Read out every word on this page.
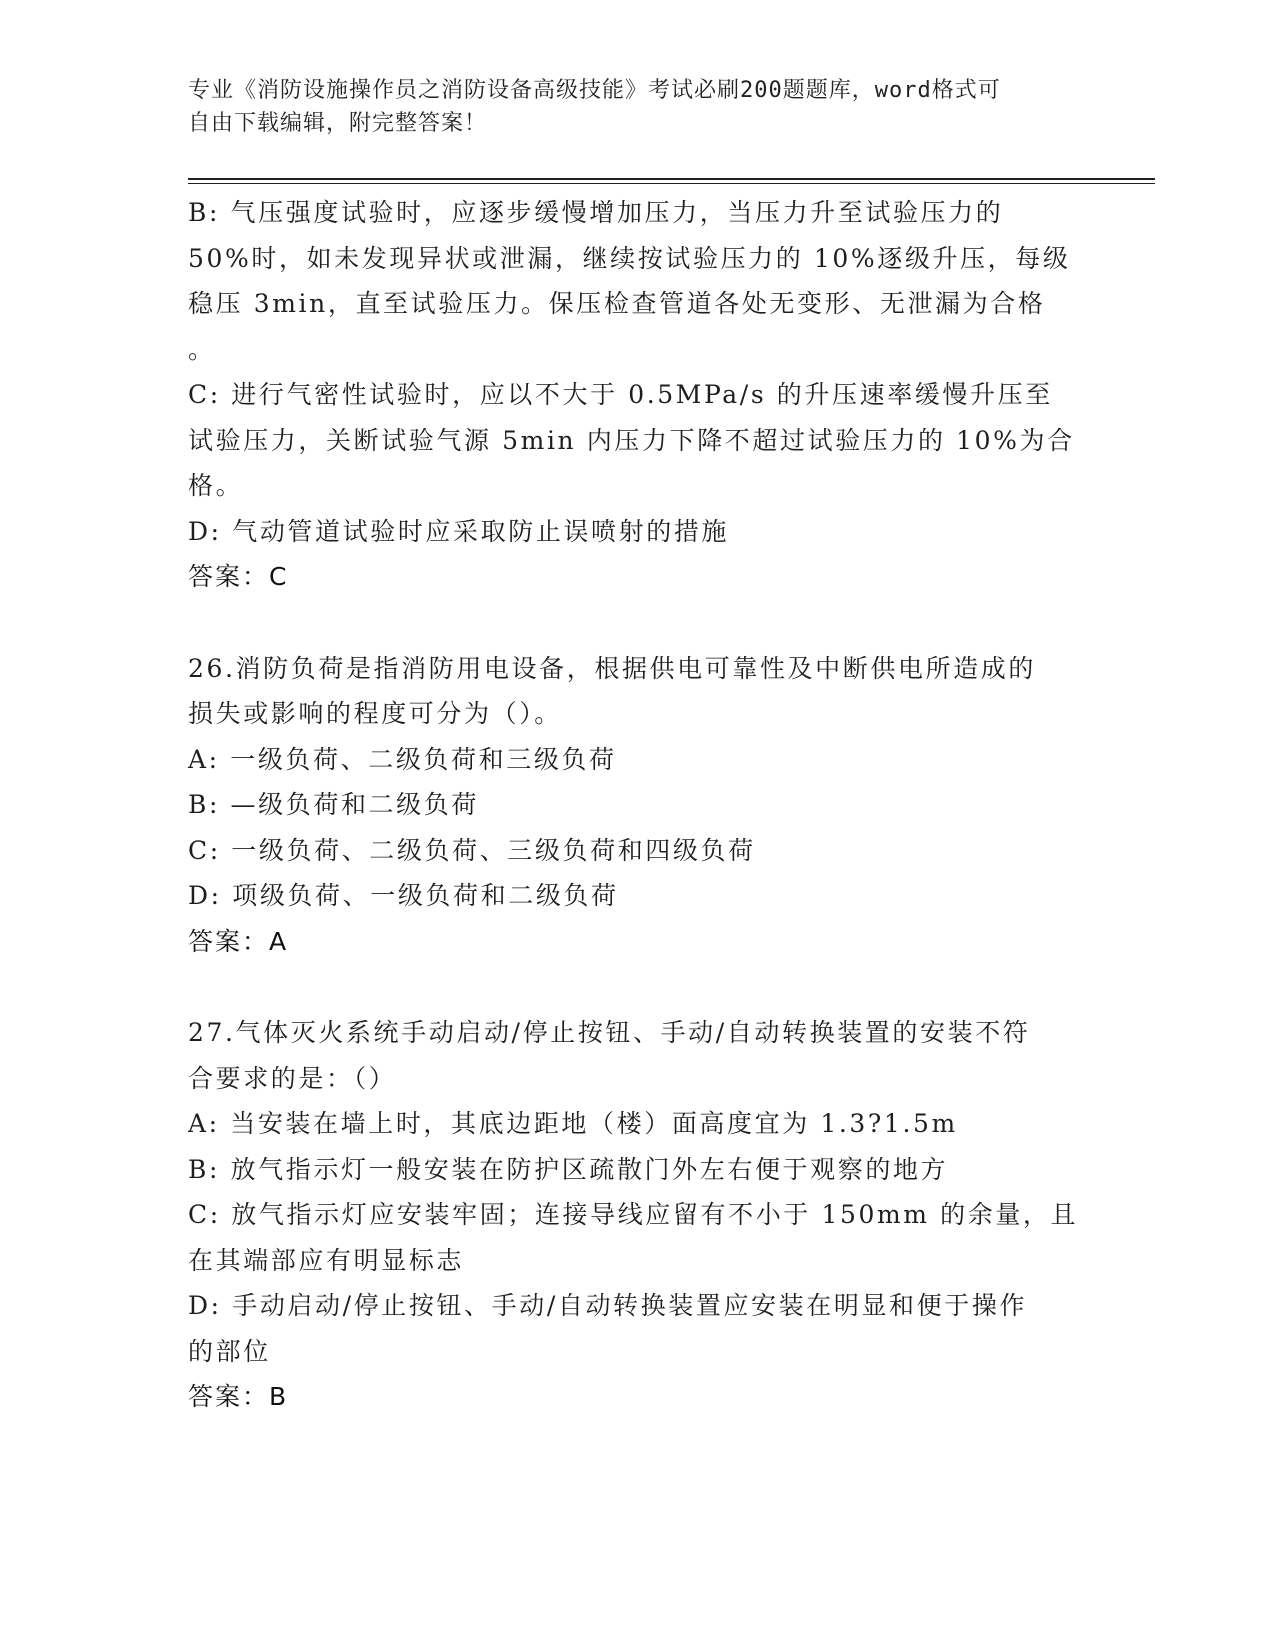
专业《消防设施操作员之消防设备高级技能》考试必刷200题题库，word格式可
自由下载编辑，附完整答案！
B: 气压强度试验时，应逐步缓慢增加压力，当压力升至试验压力的
50%时，如未发现异状或泄漏，继续按试验压力的 10%逐级升压，每级
稳压 3min，直至试验压力。保压检查管道各处无变形、无泄漏为合格
。
C: 进行气密性试验时，应以不大于 0.5MPa/s 的升压速率缓慢升压至
试验压力，关断试验气源 5min 内压力下降不超过试验压力的 10%为合
格。
D: 气动管道试验时应采取防止误喷射的措施
答案：C
26.消防负荷是指消防用电设备，根据供电可靠性及中断供电所造成的
损失或影响的程度可分为（）。
A: 一级负荷、二级负荷和三级负荷
B: —级负荷和二级负荷
C: 一级负荷、二级负荷、三级负荷和四级负荷
D: 项级负荷、一级负荷和二级负荷
答案：A
27.气体灭火系统手动启动/停止按钮、手动/自动转换装置的安装不符
合要求的是：（）
A: 当安装在墙上时，其底边距地（楼）面高度宜为 1.3?1.5m
B: 放气指示灯一般安装在防护区疏散门外左右便于观察的地方
C: 放气指示灯应安装牢固；连接导线应留有不小于 150mm 的余量，且
在其端部应有明显标志
D: 手动启动/停止按钮、手动/自动转换装置应安装在明显和便于操作
的部位
答案：B
